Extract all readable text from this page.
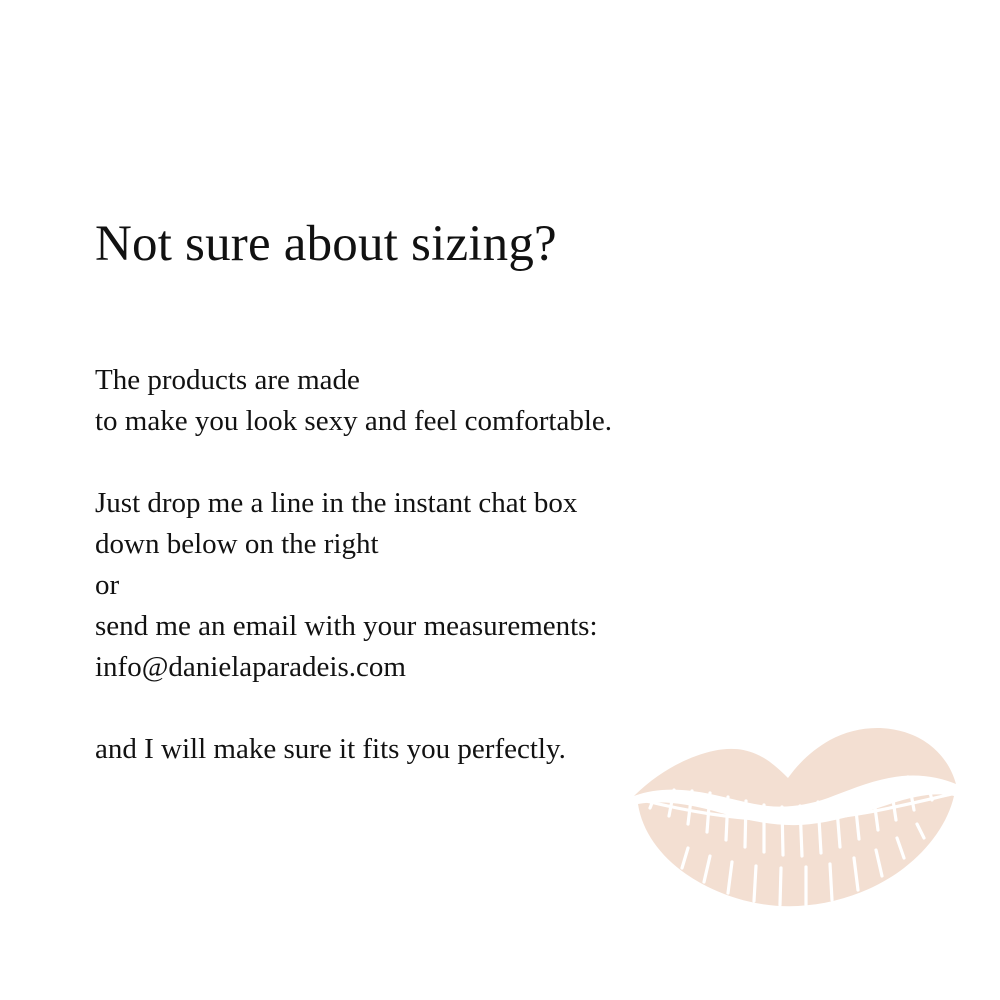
Not sure about sizing?

The products are made
to make you look sexy and feel comfortable.

Just drop me a line in the instant chat box
down below on the right
or
send me an email with your measurements:
info@danielaparadeis.com

and I will make sure it fits you perfectly.
